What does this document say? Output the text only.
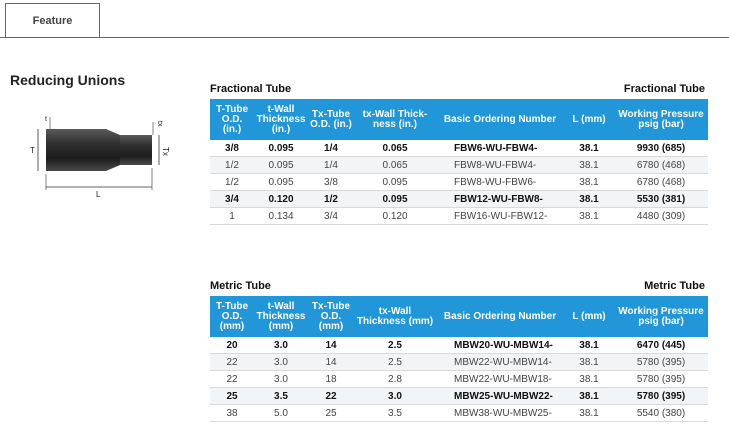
Feature
Reducing Unions
t
tx
T	Tx
L
Fractional Tube	Fractional Tube
T-Tube O.D. (in.)	t-Wall Thickness (in.)	Tx-Tube O.D. (in.)	tx-Wall Thick-ness (in.)	Basic Ordering Number	L (mm)	Working Pressure psig (bar)
3/8	0.095	1/4	0.065	FBW6-WU-FBW4-	38.1	9930 (685)
1/2	0.095	1/4	0.065	FBW8-WU-FBW4-	38.1	6780 (468)
1/2	0.095	3/8	0.095	FBW8-WU-FBW6-	38.1	6780 (468)
3/4	0.120	1/2	0.095	FBW12-WU-FBW8-	38.1	5530 (381)
1	0.134	3/4	0.120	FBW16-WU-FBW12-	38.1	4480 (309)
Metric Tube	Metric Tube
T-Tube O.D. (mm)	t-Wall Thickness (mm)	Tx-Tube O.D. (mm)	tx-Wall Thickness (mm)	Basic Ordering Number	L (mm)	Working Pressure psig (bar)
20	3.0	14	2.5	MBW20-WU-MBW14-	38.1	6470 (445)
22	3.0	14	2.5	MBW22-WU-MBW14-	38.1	5780 (395)
22	3.0	18	2.8	MBW22-WU-MBW18-	38.1	5780 (395)
25	3.5	22	3.0	MBW25-WU-MBW22-	38.1	5780 (395)
38	5.0	25	3.5	MBW38-WU-MBW25-	38.1	5540 (380)
